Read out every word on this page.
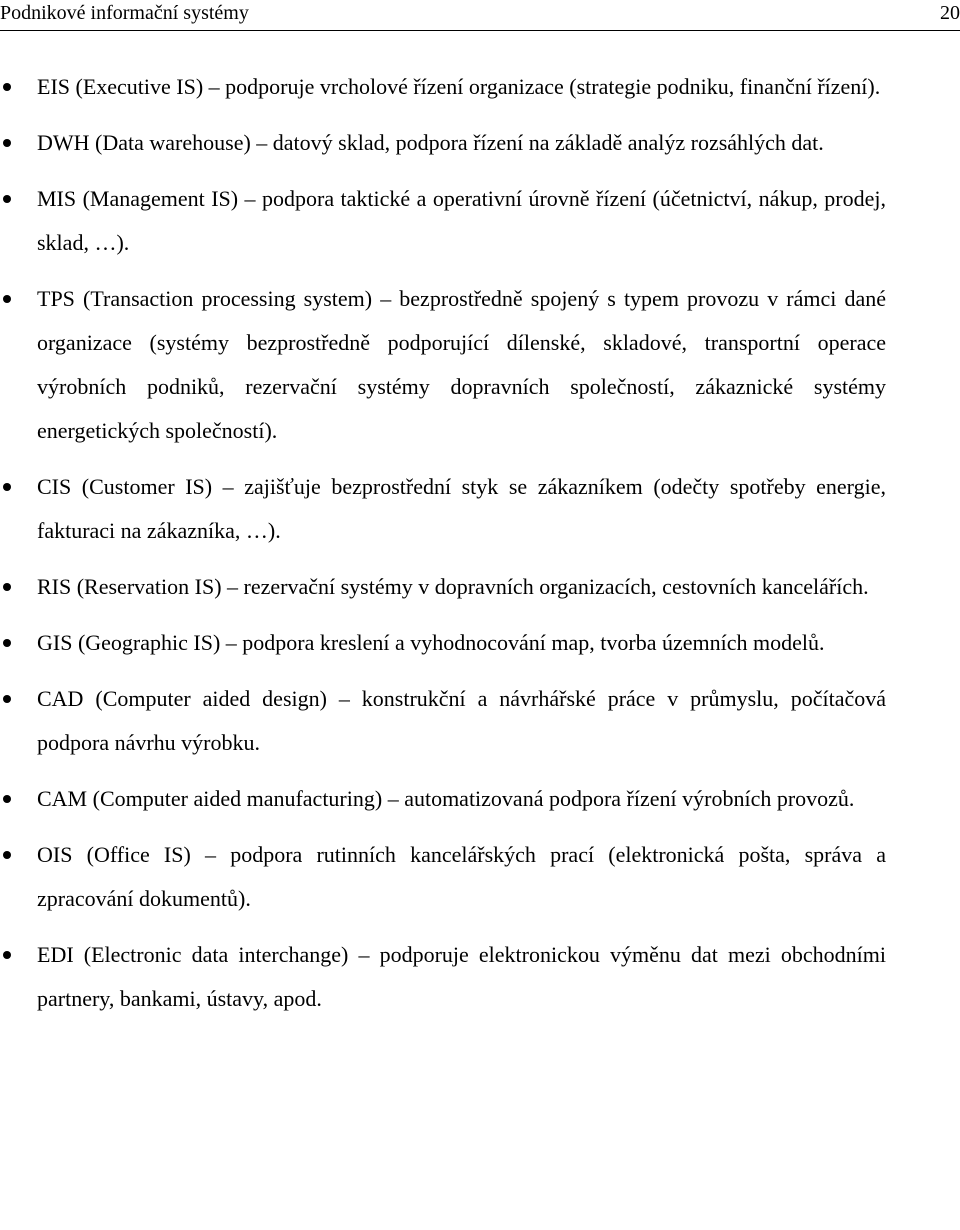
Podnikové informační systémy	20
EIS (Executive IS) – podporuje vrcholové řízení organizace (strategie podniku, finanční řízení).
DWH (Data warehouse) – datový sklad, podpora řízení na základě analýz rozsáhlých dat.
MIS (Management IS) – podpora taktické a operativní úrovně řízení (účetnictví, nákup, prodej, sklad, …).
TPS (Transaction processing system) – bezprostředně spojený s typem provozu v rámci dané organizace (systémy bezprostředně podporující dílenské, skladové, transportní operace výrobních podniků, rezervační systémy dopravních společností, zákaznické systémy energetických společností).
CIS (Customer IS) – zajišťuje bezprostřední styk se zákazníkem (odečty spotřeby energie, fakturaci na zákazníka, …).
RIS (Reservation IS) – rezervační systémy v dopravních organizacích, cestovních kancelářích.
GIS (Geographic IS) – podpora kreslení a vyhodnocování map, tvorba územních modelů.
CAD (Computer aided design) – konstrukční a návrhářské práce v průmyslu, počítačová podpora návrhu výrobku.
CAM (Computer aided manufacturing) – automatizovaná podpora řízení výrobních provozů.
OIS (Office IS) – podpora rutinních kancelářských prací (elektronická pošta, správa a zpracování dokumentů).
EDI (Electronic data interchange) – podporuje elektronickou výměnu dat mezi obchodními partnery, bankami, ústavy, apod.
